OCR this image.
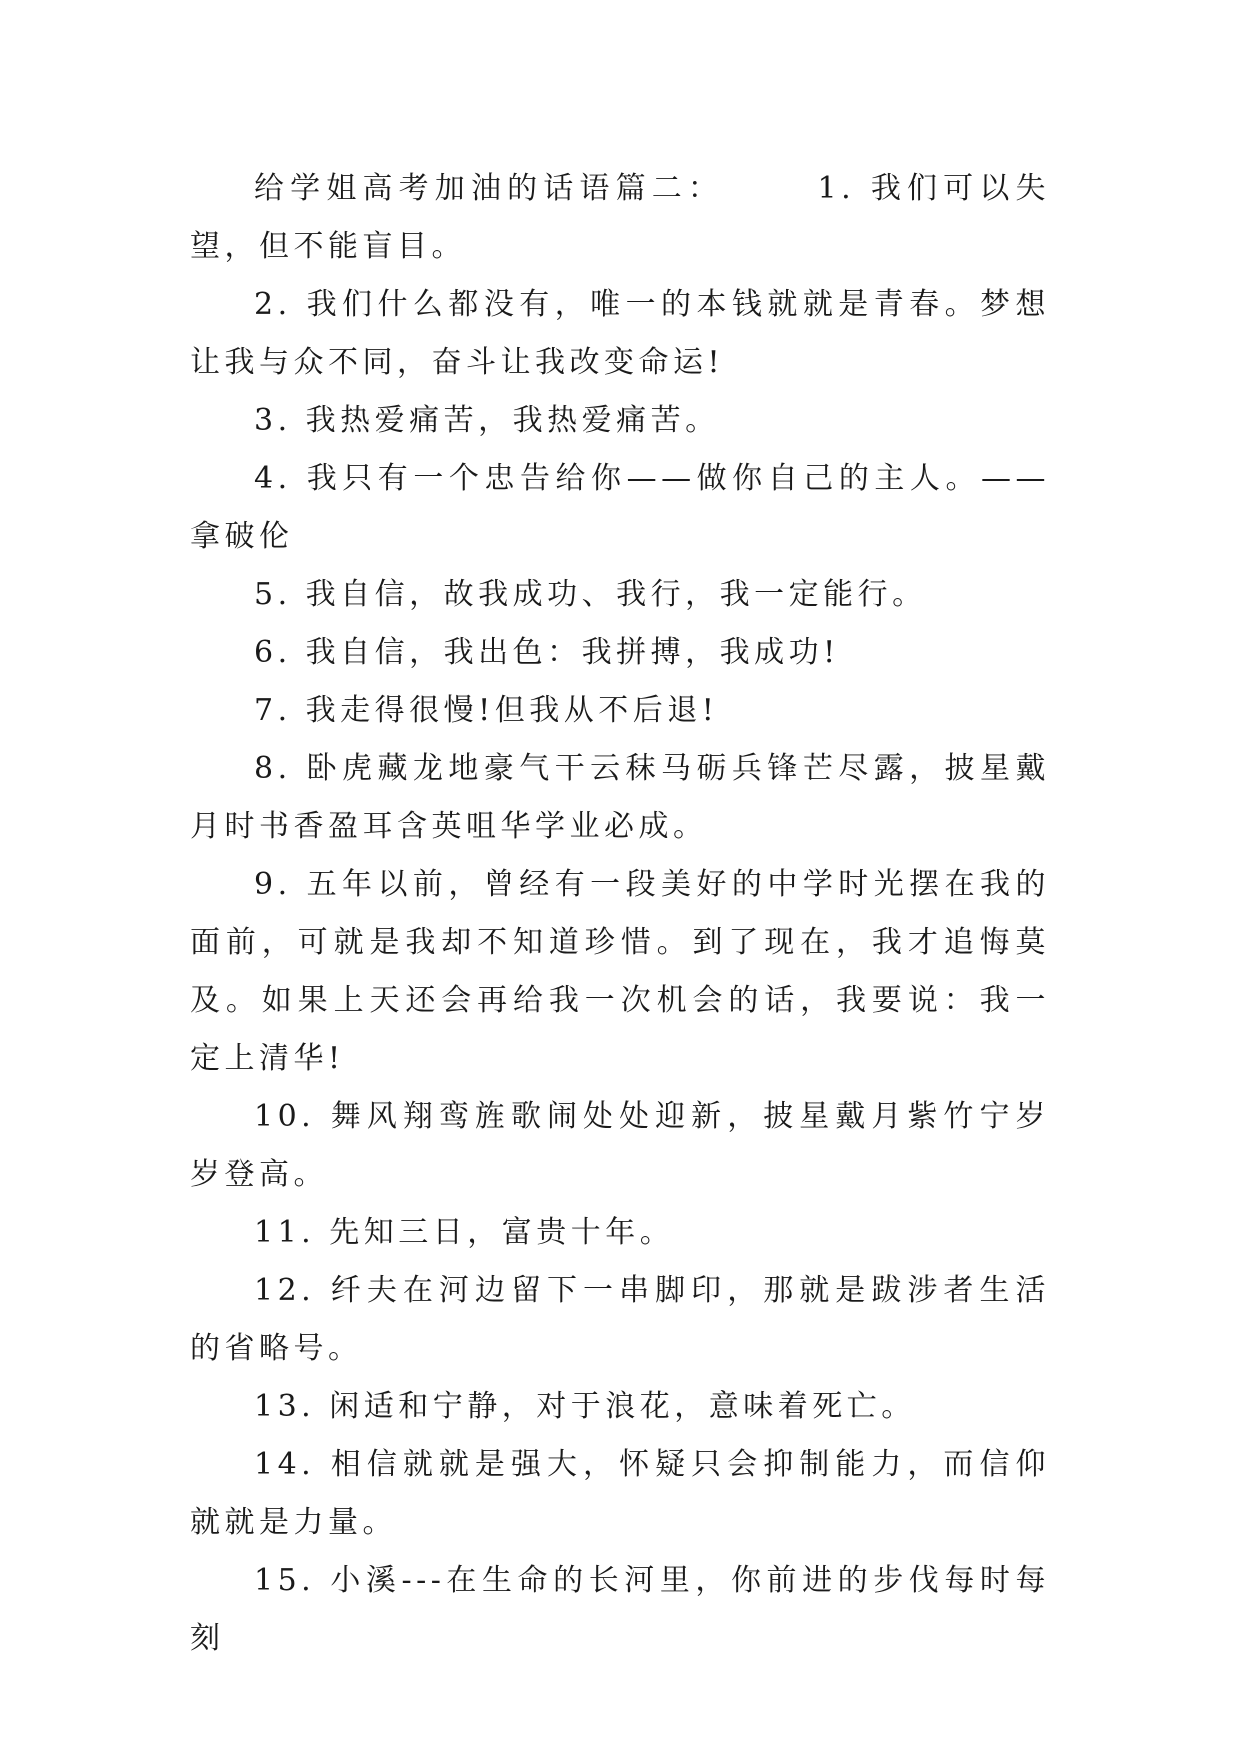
给学姐高考加油的话语篇二：　　　1. 我们可以失望，但不能盲目。

2. 我们什么都没有，唯一的本钱就就是青春。梦想让我与众不同，奋斗让我改变命运!

3. 我热爱痛苦，我热爱痛苦。

4. 我只有一个忠告给你——做你自己的主人。——拿破伦

5. 我自信，故我成功、我行，我一定能行。

6. 我自信，我出色：我拼搏，我成功!

7. 我走得很慢!但我从不后退!

8. 卧虎藏龙地豪气干云秣马砺兵锋芒尽露，披星戴月时书香盈耳含英咀华学业必成。

9. 五年以前，曾经有一段美好的中学时光摆在我的面前，可就是我却不知道珍惜。到了现在，我才追悔莫及。如果上天还会再给我一次机会的话，我要说：我一定上清华!

10. 舞风翔鸾旌歌闹处处迎新，披星戴月紫竹宁岁岁登高。

11. 先知三日，富贵十年。

12. 纤夫在河边留下一串脚印，那就是跋涉者生活的省略号。

13. 闲适和宁静，对于浪花，意味着死亡。

14. 相信就就是强大，怀疑只会抑制能力，而信仰就就是力量。

15. 小溪---在生命的长河里，你前进的步伐每时每刻
